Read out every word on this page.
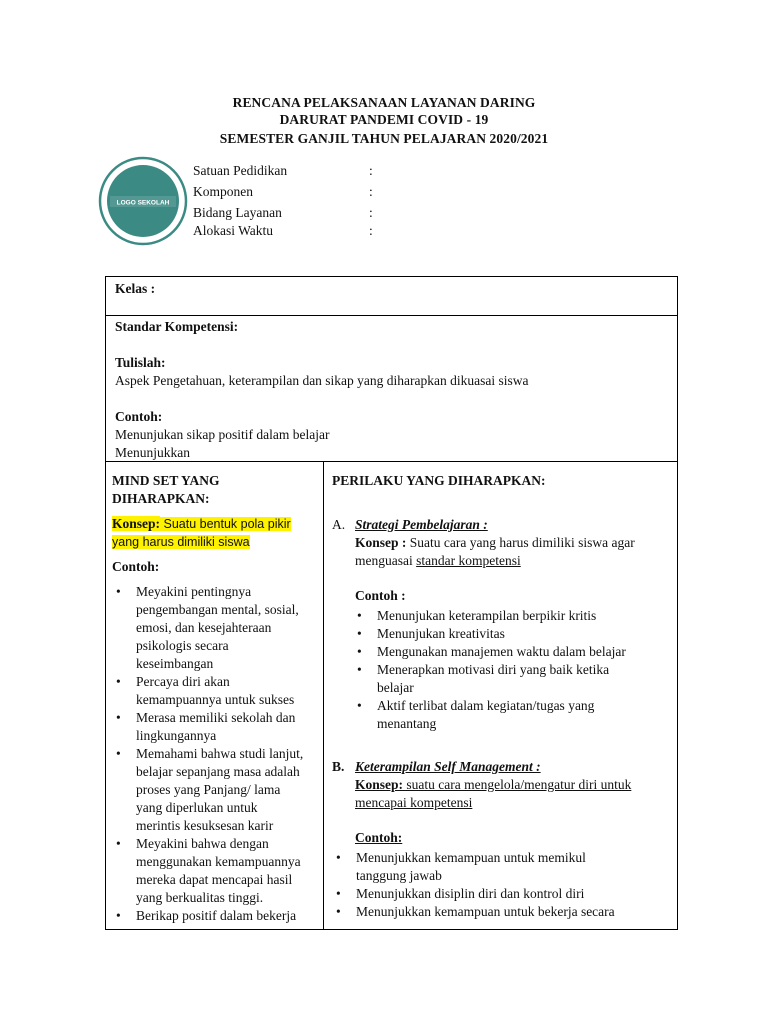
RENCANA PELAKSANAAN LAYANAN DARING
DARURAT PANDEMI COVID - 19
SEMESTER GANJIL TAHUN PELAJARAN 2020/2021
LOGO SEKOLAH
Satuan Pedidikan	:
Komponen	:
Bidang Layanan	:
Alokasi Waktu	:
Kelas :
Standar Kompetensi:
Tulislah:
Aspek Pengetahuan, keterampilan dan sikap yang diharapkan dikuasai siswa
Contoh:
Menunjukan sikap positif dalam belajar
Menunjukkan
MIND SET YANG
DIHARAPKAN:
Konsep: Suatu bentuk pola pikir
yang harus dimiliki siswa
Contoh:
• Meyakini pentingnya
pengembangan mental, sosial,
emosi, dan kesejahteraan
psikologis secara
keseimbangan
• Percaya diri akan
kemampuannya untuk sukses
• Merasa memiliki sekolah dan
lingkungannya
• Memahami bahwa studi lanjut,
belajar sepanjang masa adalah
proses yang Panjang/ lama
yang diperlukan untuk
merintis kesuksesan karir
• Meyakini bahwa dengan
menggunakan kemampuannya
mereka dapat mencapai hasil
yang berkualitas tinggi.
• Berikap positif dalam bekerja
PERILAKU YANG DIHARAPKAN:
A. Strategi Pembelajaran :
Konsep : Suatu cara yang harus dimiliki siswa agar
menguasai standar kompetensi
Contoh :
• Menunjukan keterampilan berpikir kritis
• Menunjukan kreativitas
• Mengunakan manajemen waktu dalam belajar
• Menerapkan motivasi diri yang baik ketika
belajar
• Aktif terlibat dalam kegiatan/tugas yang
menantang
B. Keterampilan Self Management :
Konsep: suatu cara mengelola/mengatur diri untuk
mencapai kompetensi
Contoh:
• Menunjukkan kemampuan untuk memikul
tanggung jawab
• Menunjukkan disiplin diri dan kontrol diri
• Menunjukkan kemampuan untuk bekerja secara
